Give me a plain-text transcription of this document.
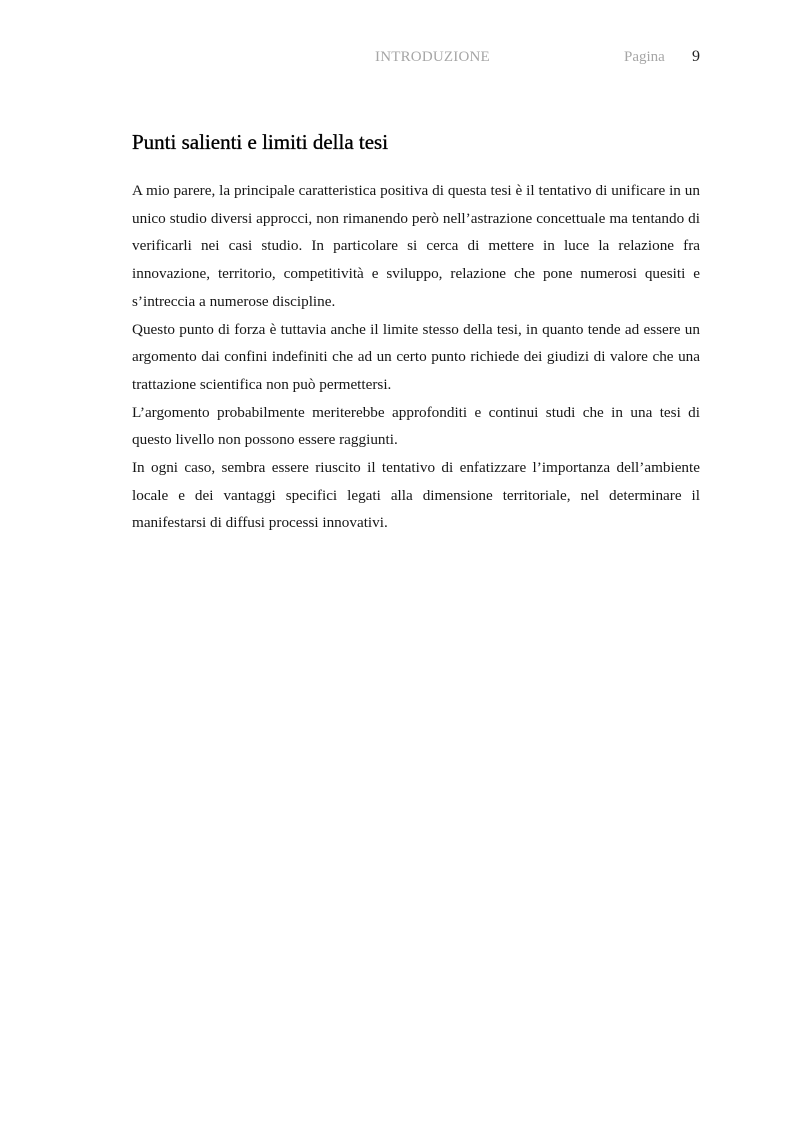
INTRODUZIONE	Pagina 9
Punti salienti e limiti della tesi

A mio parere, la principale caratteristica positiva di questa tesi è il tentativo di unificare in un unico studio diversi approcci, non rimanendo però nell’astrazione concettuale ma tentando di verificarli nei casi studio. In particolare si cerca di mettere in luce la relazione fra innovazione, territorio, competitività e sviluppo, relazione che pone numerosi quesiti e s’intreccia a numerose discipline.

Questo punto di forza è tuttavia anche il limite stesso della tesi, in quanto tende ad essere un argomento dai confini indefiniti che ad un certo punto richiede dei giudizi di valore che una trattazione scientifica non può permettersi.

L’argomento probabilmente meriterebbe approfonditi e continui studi che in una tesi di questo livello non possono essere raggiunti.

In ogni caso, sembra essere riuscito il tentativo di enfatizzare l’importanza dell’ambiente locale e dei vantaggi specifici legati alla dimensione territoriale, nel determinare il manifestarsi di diffusi processi innovativi.
